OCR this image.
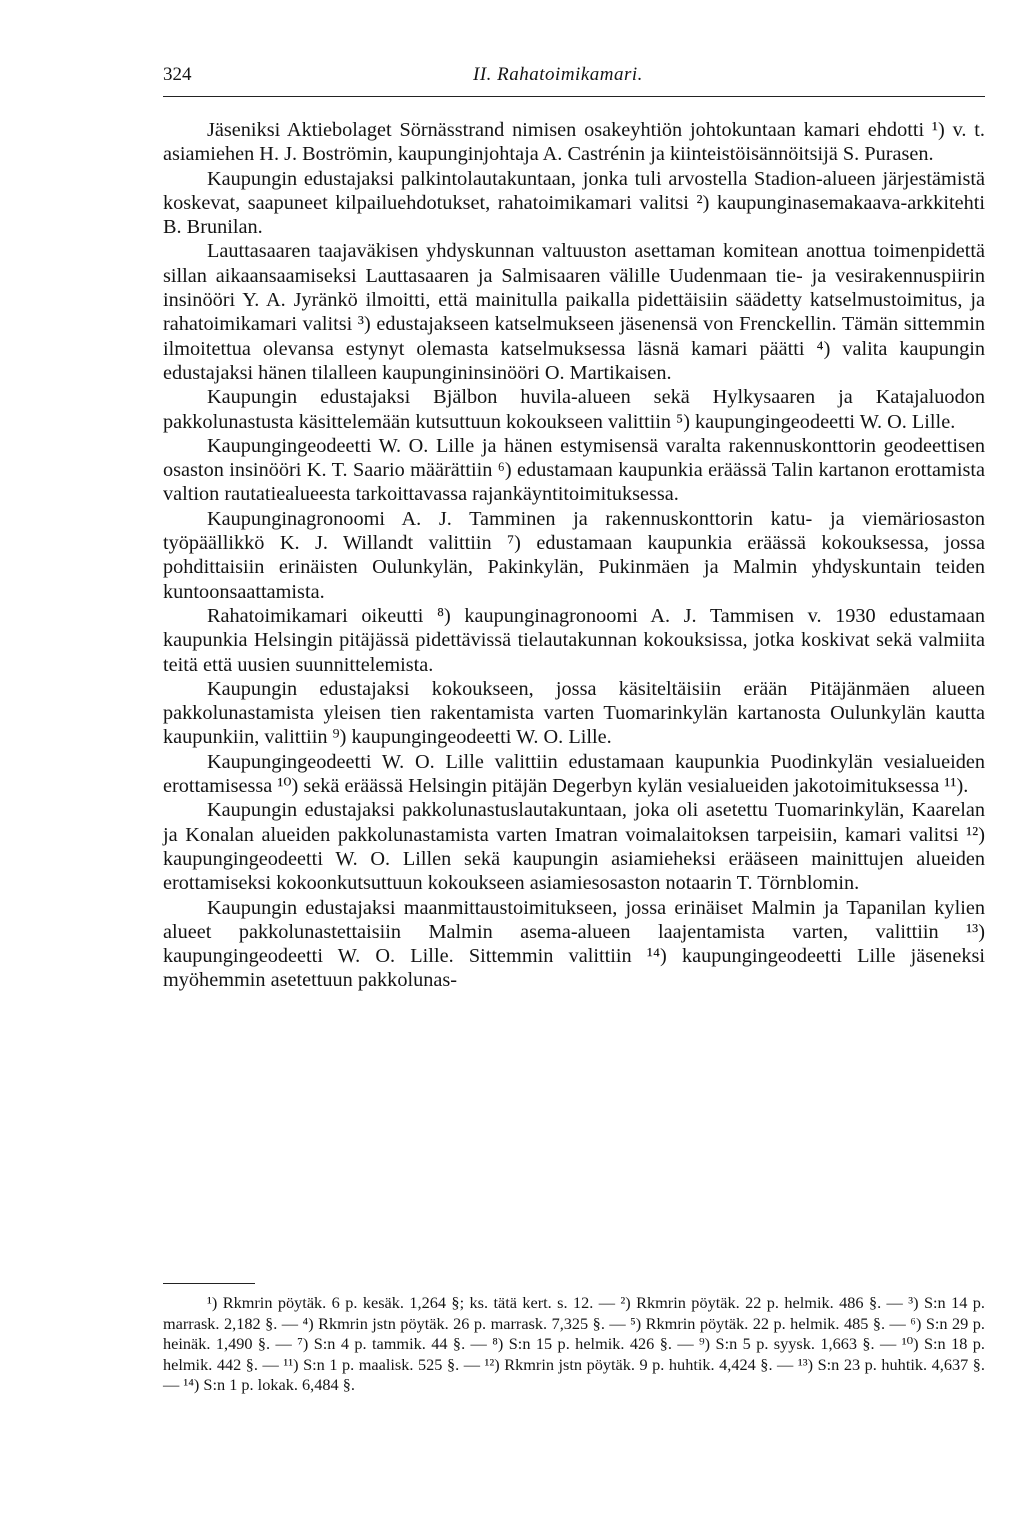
324	II. Rahatoimikamari.

Jäseniksi Aktiebolaget Sörnässtrand nimisen osakeyhtiön johtokuntaan kamari ehdotti ¹) v. t. asiamiehen H. J. Boströmin, kaupunginjohtaja A. Castrénin ja kiinteistöisännöitsijä S. Purasen.

Kaupungin edustajaksi palkintolautakuntaan, jonka tuli arvostella Stadion-alueen järjestämistä koskevat, saapuneet kilpailuehdotukset, rahatoimikamari valitsi ²) kaupunginasemakaava-arkkitehti B. Brunilan.

Lauttasaaren taajaväkisen yhdyskunnan valtuuston asettaman komitean anottua toimenpidettä sillan aikaansaamiseksi Lauttasaaren ja Salmisaaren välille Uudenmaan tie- ja vesirakennuspiirin insinööri Y. A. Jyränkö ilmoitti, että mainitulla paikalla pidettäisiin säädetty katselmustoimitus, ja rahatoimikamari valitsi ³) edustajakseen katselmukseen jäsenensä von Frenckellin. Tämän sittemmin ilmoitettua olevansa estynyt olemasta katselmuksessa läsnä kamari päätti ⁴) valita kaupungin edustajaksi hänen tilalleen kaupungininsinööri O. Martikaisen.

Kaupungin edustajaksi Bjälbon huvila-alueen sekä Hylkysaaren ja Katajaluodon pakkolunastusta käsittelemään kutsuttuun kokoukseen valittiin ⁵) kaupungingeodeetti W. O. Lille.

Kaupungingeodeetti W. O. Lille ja hänen estymisensä varalta rakennuskonttorin geodeettisen osaston insinööri K. T. Saario määrättiin ⁶) edustamaan kaupunkia eräässä Talin kartanon erottamista valtion rautatiealueesta tarkoittavassa rajankäyntitoimituksessa.

Kaupunginagronoomi A. J. Tamminen ja rakennuskonttorin katu- ja viemäriosaston työpäällikkö K. J. Willandt valittiin ⁷) edustamaan kaupunkia eräässä kokouksessa, jossa pohdittaisiin erinäisten Oulunkylän, Pakinkylän, Pukinmäen ja Malmin yhdyskuntain teiden kuntoonsaattamista.

Rahatoimikamari oikeutti ⁸) kaupunginagronoomi A. J. Tammisen v. 1930 edustamaan kaupunkia Helsingin pitäjässä pidettävissä tielautakunnan kokouksissa, jotka koskivat sekä valmiita teitä että uusien suunnittelemista.

Kaupungin edustajaksi kokoukseen, jossa käsiteltäisiin erään Pitäjänmäen alueen pakkolunastamista yleisen tien rakentamista varten Tuomarinkylän kartanosta Oulunkylän kautta kaupunkiin, valittiin ⁹) kaupungingeodeetti W. O. Lille.

Kaupungingeodeetti W. O. Lille valittiin edustamaan kaupunkia Puodinkylän vesialueiden erottamisessa ¹⁰) sekä eräässä Helsingin pitäjän Degerbyn kylän vesialueiden jakotoimituksessa ¹¹).

Kaupungin edustajaksi pakkolunastuslautakuntaan, joka oli asetettu Tuomarinkylän, Kaarelan ja Konalan alueiden pakkolunastamista varten Imatran voimalaitoksen tarpeisiin, kamari valitsi ¹²) kaupungingeodeetti W. O. Lillen sekä kaupungin asiamieheksi erääseen mainittujen alueiden erottamiseksi kokoonkutsuttuun kokoukseen asiamiesosaston notaarin T. Törnblomin.

Kaupungin edustajaksi maanmittaustoimitukseen, jossa erinäiset Malmin ja Tapanilan kylien alueet pakkolunastettaisiin Malmin asema-alueen laajentamista varten, valittiin ¹³) kaupungingeodeetti W. O. Lille. Sittemmin valittiin ¹⁴) kaupungingeodeetti Lille jäseneksi myöhemmin asetettuun pakkolunas-

¹) Rkmrin pöytäk. 6 p. kesäk. 1,264 §; ks. tätä kert. s. 12. — ²) Rkmrin pöytäk. 22 p. helmik. 486 §. — ³) S:n 14 p. marrask. 2,182 §. — ⁴) Rkmrin jstn pöytäk. 26 p. marrask. 7,325 §. — ⁵) Rkmrin pöytäk. 22 p. helmik. 485 §. — ⁶) S:n 29 p. heinäk. 1,490 §. — ⁷) S:n 4 p. tammik. 44 §. — ⁸) S:n 15 p. helmik. 426 §. — ⁹) S:n 5 p. syysk. 1,663 §. — ¹⁰) S:n 18 p. helmik. 442 §. — ¹¹) S:n 1 p. maalisk. 525 §. — ¹²) Rkmrin jstn pöytäk. 9 p. huhtik. 4,424 §. — ¹³) S:n 23 p. huhtik. 4,637 §. — ¹⁴) S:n 1 p. lokak. 6,484 §.
